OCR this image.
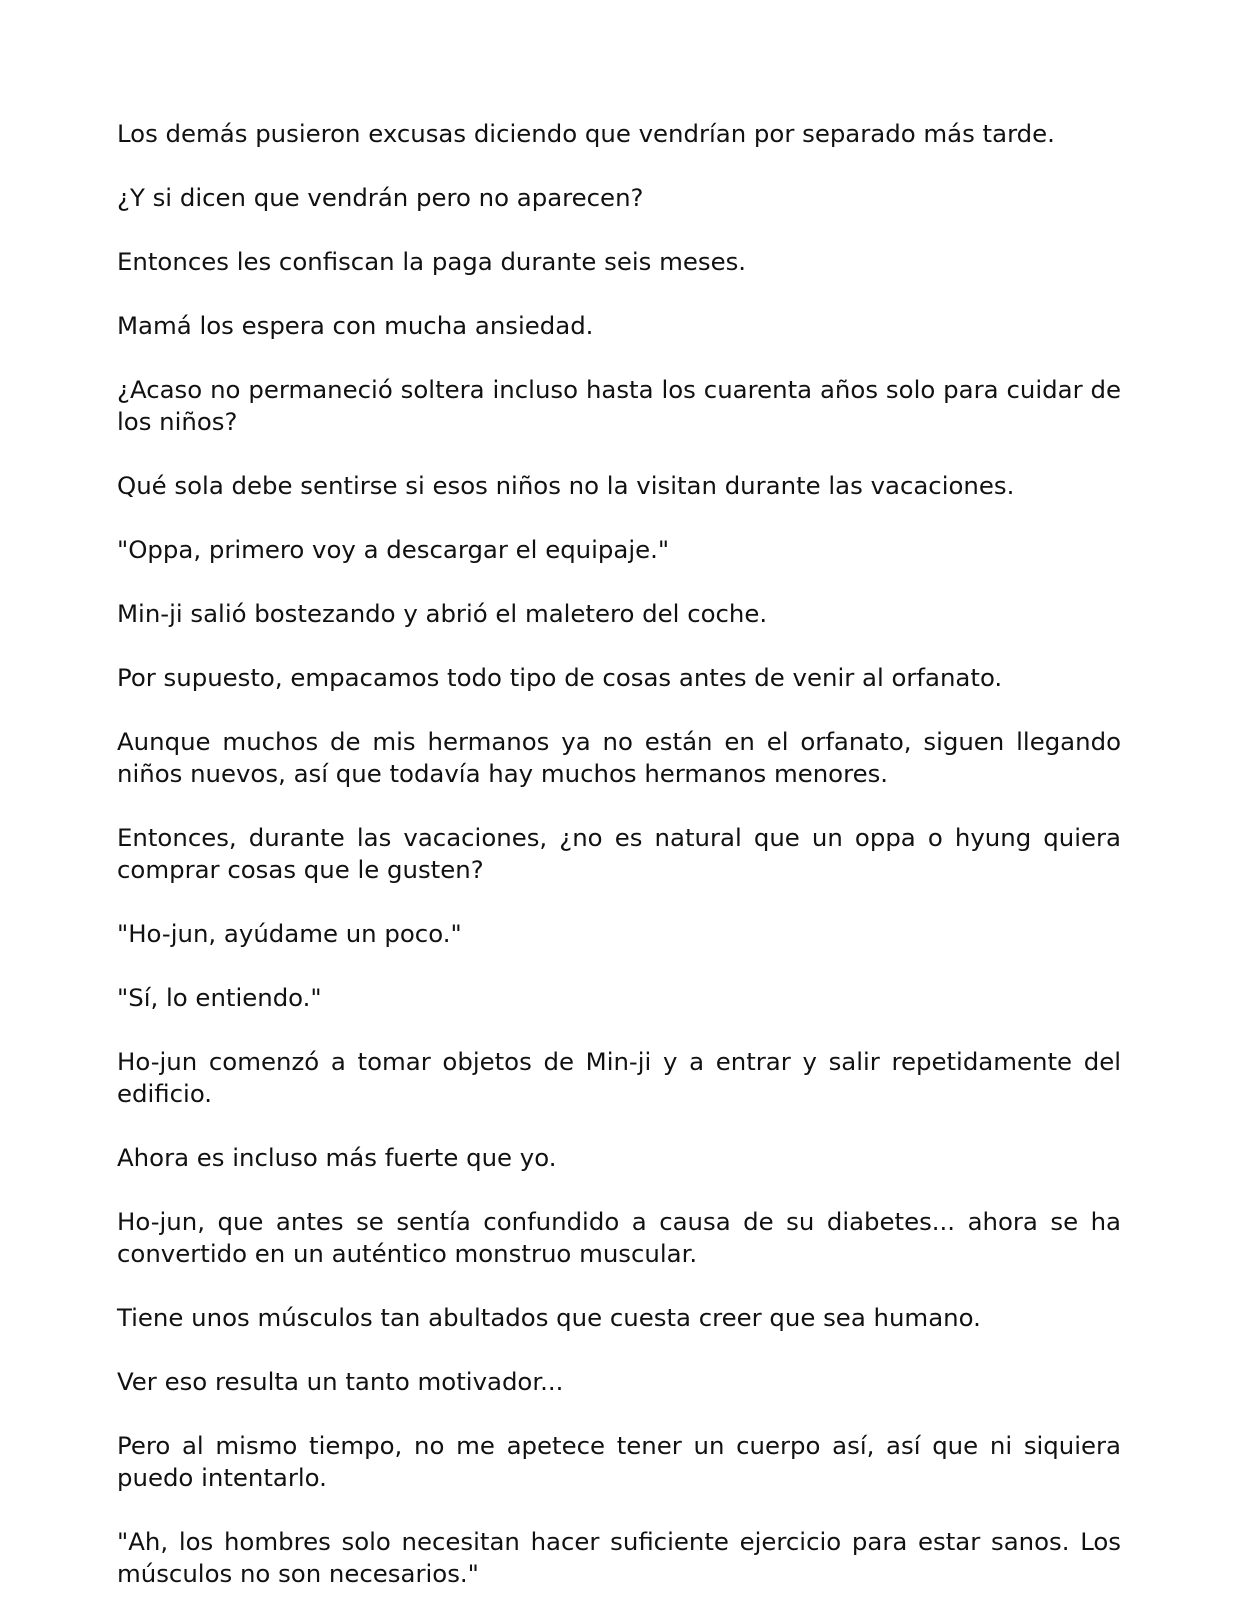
Los demás pusieron excusas diciendo que vendrían por separado más tarde.

¿Y si dicen que vendrán pero no aparecen?

Entonces les confiscan la paga durante seis meses.

Mamá los espera con mucha ansiedad.

¿Acaso no permaneció soltera incluso hasta los cuarenta años solo para cuidar de los niños?

Qué sola debe sentirse si esos niños no la visitan durante las vacaciones.

"Oppa, primero voy a descargar el equipaje."

Min-ji salió bostezando y abrió el maletero del coche.

Por supuesto, empacamos todo tipo de cosas antes de venir al orfanato.

Aunque muchos de mis hermanos ya no están en el orfanato, siguen llegando niños nuevos, así que todavía hay muchos hermanos menores.

Entonces, durante las vacaciones, ¿no es natural que un oppa o hyung quiera comprar cosas que le gusten?

"Ho-jun, ayúdame un poco."

"Sí, lo entiendo."

Ho-jun comenzó a tomar objetos de Min-ji y a entrar y salir repetidamente del edificio.

Ahora es incluso más fuerte que yo.

Ho-jun, que antes se sentía confundido a causa de su diabetes... ahora se ha convertido en un auténtico monstruo muscular.

Tiene unos músculos tan abultados que cuesta creer que sea humano.

Ver eso resulta un tanto motivador...

Pero al mismo tiempo, no me apetece tener un cuerpo así, así que ni siquiera puedo intentarlo.

"Ah, los hombres solo necesitan hacer suficiente ejercicio para estar sanos. Los músculos no son necesarios."
